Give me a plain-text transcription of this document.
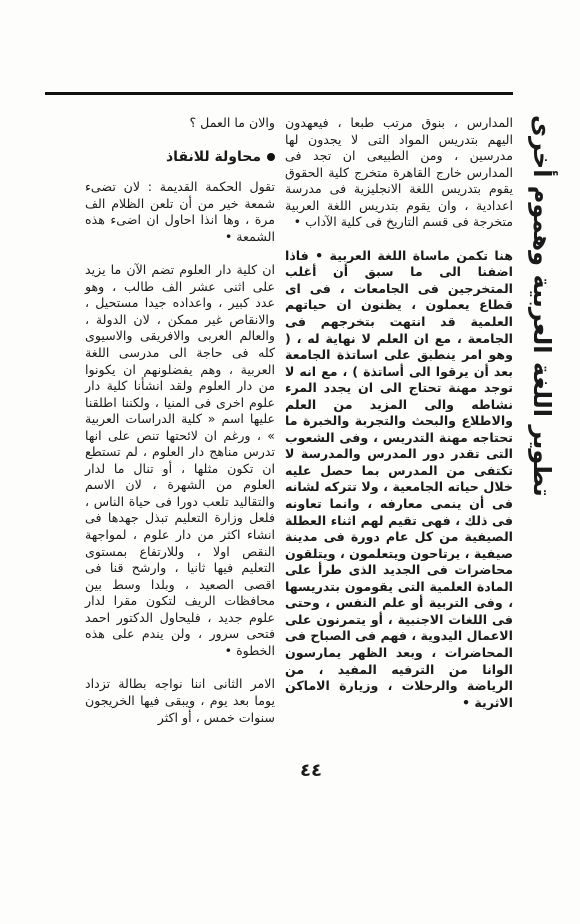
تطوير اللغة العربية وهموم أخرى

المدارس ، بنوق مرتب طبعا ، فيعهدون اليهم بتدريس المواد التى لا يجدون لها مدرسين ، ومن الطبيعى ان تجد فى المدارس خارج القاهرة متخرج كلية الحقوق يقوم بتدريس اللغة الانجليزية فى مدرسة اعدادية ، وان يقوم بتدريس اللغة العربية متخرجة فى قسم التاريخ فى كلية الآداب •

هنا تكمن ماساة اللغة العربية • فاذا اضفنا الى ما سبق أن أغلب المتخرجين فى الجامعات ، فى اى قطاع يعملون ، يظنون ان حياتهم العلمية قد انتهت بتخرجهم فى الجامعة ، مع ان العلم لا نهاية له ، ( وهو امر ينطبق على اساتذة الجامعة بعد أن يرقوا الى أساتذة ) ، مع انه لا توجد مهنة تحتاج الى ان يجدد المرء نشاطه والى المزيد من العلم والاطلاع والبحث والتجربة والخبرة ما تحتاجه مهنة التدريس ، وفى الشعوب التى تقدر دور المدرس والمدرسة لا تكتفى من المدرس بما حصل عليه خلال حياته الجامعية ، ولا تتركه لشانه فى أن ينمى معارفه ، وانما تعاونه فى ذلك ، فهى تقيم لهم اثناء العطلة الصيفية من كل عام دورة فى مدينة صيفية ، يرتاحون ويتعلمون ، ويتلقون محاضرات فى الجديد الذى طرأ على المادة العلمية التى يقومون بتدريسها ، وفى التربية أو علم النفس ، وحتى فى اللغات الاجنبية ، أو يتمرنون على الاعمال اليدوية ، فهم فى الصباح فى المحاضرات ، وبعد الظهر يمارسون الوانا من الترفيه المفيد ، من الرياضة والرحلات ، وزيارة الاماكن الاثرية •

والان ما العمل ؟

محاولة للانقاذ

تقول الحكمة القديمة : لان تضىء شمعة خير من أن تلعن الظلام الف مرة ، وها انذا احاول ان اضىء هذه الشمعة •

ان كلية دار العلوم تضم الآن ما يزيد على اثنى عشر الف طالب ، وهو عدد كبير ، واعداده جيدا مستحيل ، والانقاص غير ممكن ، لان الدولة ، والعالم العربى والافريقى والاسيوى كله فى حاجة الى مدرسى اللغة العربية ، وهم يفضلونهم ان يكونوا من دار العلوم ولقد انشأنا كلية دار علوم اخرى فى المنيا ، ولكننا اطلقنا عليها اسم « كلية الدراسات العربية » ، ورغم ان لائحتها تنص على انها تدرس مناهج دار العلوم ، لم تستطع ان تكون مثلها ، أو تنال ما لدار العلوم من الشهرة ، لان الاسم والتقاليد تلعب دورا فى حياة الناس ، فلعل وزارة التعليم تبذل جهدها فى انشاء اكثر من دار علوم ، لمواجهة النقص اولا ، وللارتفاع بمستوى التعليم فيها ثانيا ، وارشح قنا فى اقصى الصعيد ، وبلدا وسط بين محافظات الريف لتكون مقرا لدار علوم جديد ، فليحاول الدكتور احمد فتحى سرور ، ولن يندم على هذه الخطوة •

الامر الثانى اننا نواجه بطالة تزداد يوما بعد يوم ، ويبقى فيها الخريجون سنوات خمس ، أو اكثر

٤٤
